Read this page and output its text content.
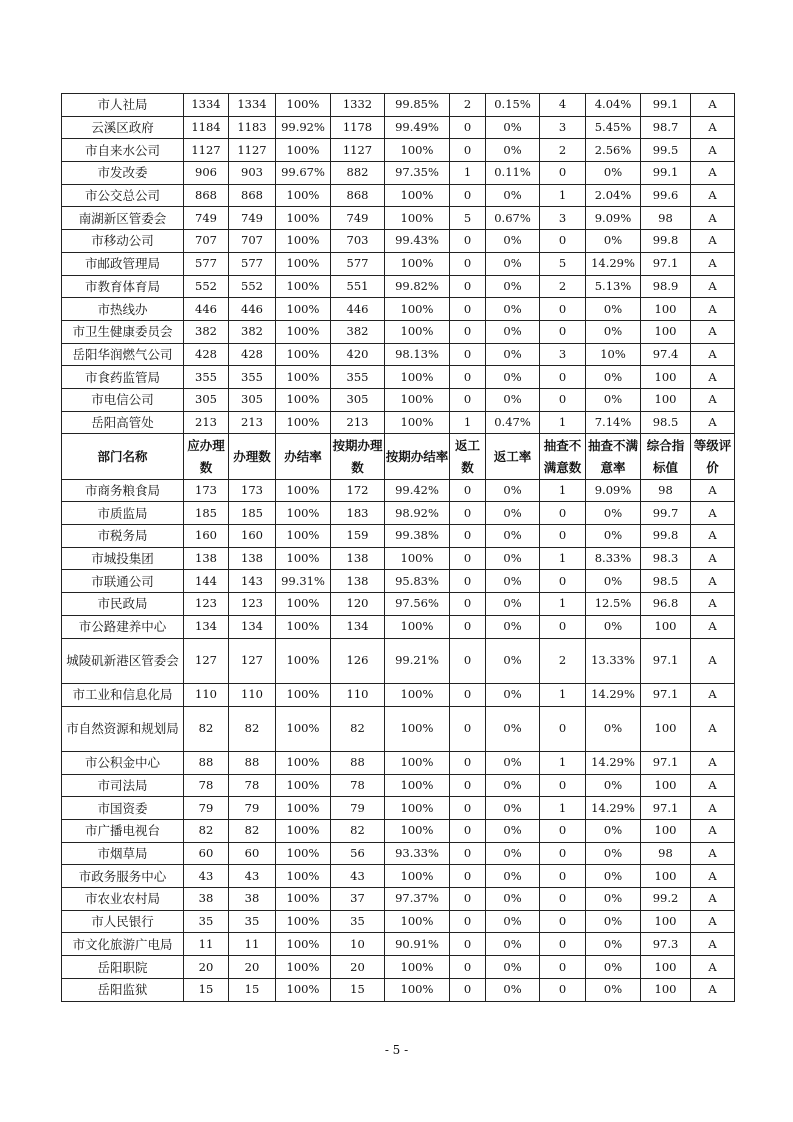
市人社局	1334	1334	100%	1332	99.85%	2	0.15%	4	4.04%	99.1	A
云溪区政府	1184	1183	99.92%	1178	99.49%	0	0%	3	5.45%	98.7	A
市自来水公司	1127	1127	100%	1127	100%	0	0%	2	2.56%	99.5	A
市发改委	906	903	99.67%	882	97.35%	1	0.11%	0	0%	99.1	A
市公交总公司	868	868	100%	868	100%	0	0%	1	2.04%	99.6	A
南湖新区管委会	749	749	100%	749	100%	5	0.67%	3	9.09%	98	A
市移动公司	707	707	100%	703	99.43%	0	0%	0	0%	99.8	A
市邮政管理局	577	577	100%	577	100%	0	0%	5	14.29%	97.1	A
市教育体育局	552	552	100%	551	99.82%	0	0%	2	5.13%	98.9	A
市热线办	446	446	100%	446	100%	0	0%	0	0%	100	A
市卫生健康委员会	382	382	100%	382	100%	0	0%	0	0%	100	A
岳阳华润燃气公司	428	428	100%	420	98.13%	0	0%	3	10%	97.4	A
市食药监管局	355	355	100%	355	100%	0	0%	0	0%	100	A
市电信公司	305	305	100%	305	100%	0	0%	0	0%	100	A
岳阳高管处	213	213	100%	213	100%	1	0.47%	1	7.14%	98.5	A
部门名称	应办理数	办理数	办结率	按期办理数	按期办结率	返工数	返工率	抽查不满意数	抽查不满意率	综合指标值	等级评价
市商务粮食局	173	173	100%	172	99.42%	0	0%	1	9.09%	98	A
市质监局	185	185	100%	183	98.92%	0	0%	0	0%	99.7	A
市税务局	160	160	100%	159	99.38%	0	0%	0	0%	99.8	A
市城投集团	138	138	100%	138	100%	0	0%	1	8.33%	98.3	A
市联通公司	144	143	99.31%	138	95.83%	0	0%	0	0%	98.5	A
市民政局	123	123	100%	120	97.56%	0	0%	1	12.5%	96.8	A
市公路建养中心	134	134	100%	134	100%	0	0%	0	0%	100	A
城陵矶新港区管委会	127	127	100%	126	99.21%	0	0%	2	13.33%	97.1	A
市工业和信息化局	110	110	100%	110	100%	0	0%	1	14.29%	97.1	A
市自然资源和规划局	82	82	100%	82	100%	0	0%	0	0%	100	A
市公积金中心	88	88	100%	88	100%	0	0%	1	14.29%	97.1	A
市司法局	78	78	100%	78	100%	0	0%	0	0%	100	A
市国资委	79	79	100%	79	100%	0	0%	1	14.29%	97.1	A
市广播电视台	82	82	100%	82	100%	0	0%	0	0%	100	A
市烟草局	60	60	100%	56	93.33%	0	0%	0	0%	98	A
市政务服务中心	43	43	100%	43	100%	0	0%	0	0%	100	A
市农业农村局	38	38	100%	37	97.37%	0	0%	0	0%	99.2	A
市人民银行	35	35	100%	35	100%	0	0%	0	0%	100	A
市文化旅游广电局	11	11	100%	10	90.91%	0	0%	0	0%	97.3	A
岳阳职院	20	20	100%	20	100%	0	0%	0	0%	100	A
岳阳监狱	15	15	100%	15	100%	0	0%	0	0%	100	A
- 5 -
